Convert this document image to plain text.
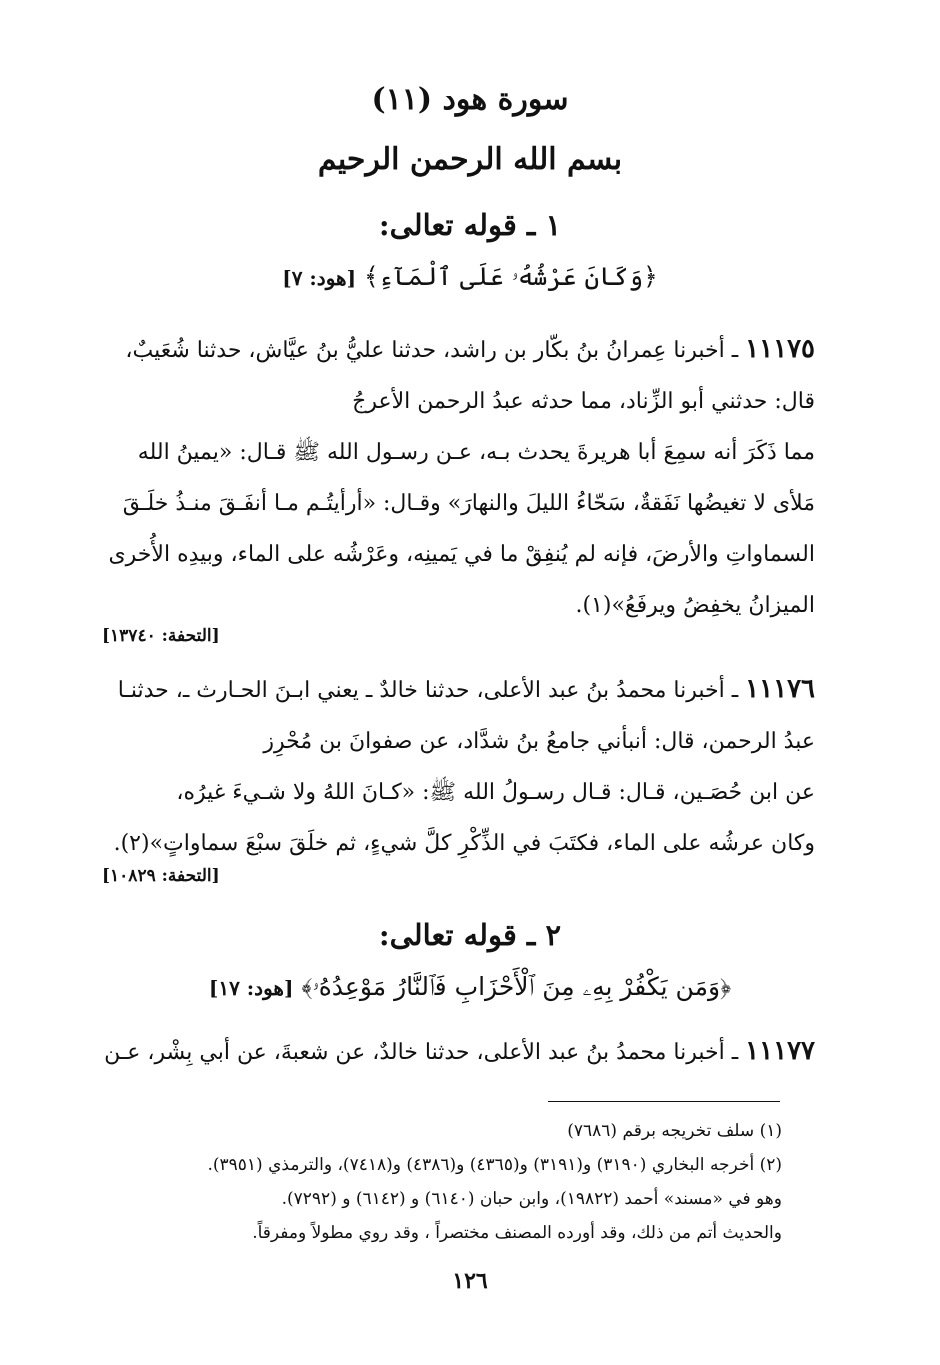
سورة هود (١١)
بسم الله الرحمن الرحيم
١ ـ قوله تعالى:
﴿وَكَانَ عَرْشُهُۥ عَلَى ٱلْمَآءِ﴾ [هود: ٧]
١١١٧٥ ـ أخبرنا عِمرانُ بنُ بكّار بن راشد، حدثنا عليُّ بنُ عيَّاش، حدثنا شُعَيبٌ،
قال: حدثني أبو الزِّناد، مما حدثه عبدُ الرحمن الأعرجُ
مما ذَكَرَ أنه سمِعَ أبا هريرةَ يحدث بـه، عـن رسـول الله ﷺ قـال: «يمينُ الله
مَلأى لا تغيضُها نَفَقةٌ، سَحّاءُ الليلَ والنهارَ» وقـال: «أرأيتُـم مـا أنفَـقَ منـذُ خلَـقَ
السماواتِ والأرضَ، فإنه لم يُنفِقْ ما في يَمينِه، وعَرْشُه على الماء، وبيدِه الأُخرى
الميزانُ يخفِضُ ويرفَعُ»(١).
[التحفة: ١٣٧٤٠]
١١١٧٦ ـ أخبرنا محمدُ بنُ عبد الأعلى، حدثنا خالدٌ ـ يعني ابـنَ الحـارث ـ، حدثنـا
عبدُ الرحمن، قال: أنبأني جامعُ بنُ شدَّاد، عن صفوانَ بن مُحْرِز
عن ابن حُصَـين، قـال: قـال رسـولُ الله ﷺ: «كـانَ اللهُ ولا شـيءَ غيرُه،
وكان عرشُه على الماء، فكتَبَ في الذِّكْرِ كلَّ شيءٍ، ثم خلَقَ سبْعَ سماواتٍ»(٢).
[التحفة: ١٠٨٢٩]
٢ ـ قوله تعالى:
﴿وَمَن يَكْفُرْ بِهِۦ مِنَ ٱلْأَحْزَابِ فَٱلنَّارُ مَوْعِدُهُۥ﴾ [هود: ١٧]
١١١٧٧ ـ أخبرنا محمدُ بنُ عبد الأعلى، حدثنا خالدٌ، عن شعبةَ، عن أبي بِشْر، عـن
(١) سلف تخريجه برقم (٧٦٨٦)
(٢) أخرجه البخاري (٣١٩٠) و(٣١٩١) و(٤٣٦٥) و(٤٣٨٦) و(٧٤١٨)، والترمذي (٣٩٥١).
وهو في «مسند» أحمد (١٩٨٢٢)، وابن حبان (٦١٤٠) و (٦١٤٢) و (٧٢٩٢).
والحديث أتم من ذلك، وقد أورده المصنف مختصراً ، وقد روي مطولاً ومفرقاً.
١٢٦
